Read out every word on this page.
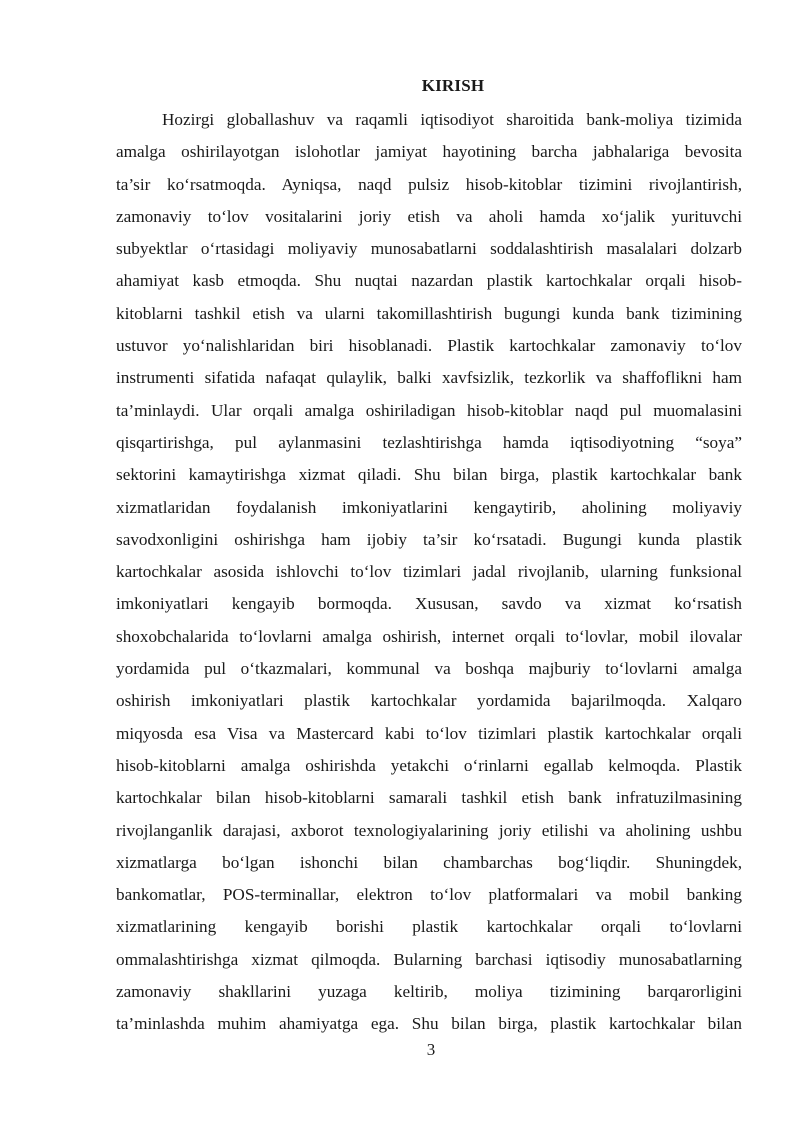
KIRISH
Hozirgi globallashuv va raqamli iqtisodiyot sharoitida bank-moliya tizimida
amalga oshirilayotgan islohotlar jamiyat hayotining barcha jabhalariga bevosita
ta’sir ko‘rsatmoqda. Ayniqsa, naqd pulsiz hisob-kitoblar tizimini rivojlantirish,
zamonaviy to‘lov vositalarini joriy etish va aholi hamda xo‘jalik yurituvchi
subyektlar o‘rtasidagi moliyaviy munosabatlarni soddalashtirish masalalari dolzarb
ahamiyat kasb etmoqda. Shu nuqtai nazardan plastik kartochkalar orqali hisob-
kitoblarni tashkil etish va ularni takomillashtirish bugungi kunda bank tizimining
ustuvor yo‘nalishlaridan biri hisoblanadi. Plastik kartochkalar zamonaviy to‘lov
instrumenti sifatida nafaqat qulaylik, balki xavfsizlik, tezkorlik va shaffoflikni ham
ta’minlaydi. Ular orqali amalga oshiriladigan hisob-kitoblar naqd pul muomalasini
qisqartirishga, pul aylanmasini tezlashtirishga hamda iqtisodiyotning “soya”
sektorini kamaytirishga xizmat qiladi. Shu bilan birga, plastik kartochkalar bank
xizmatlaridan foydalanish imkoniyatlarini kengaytirib, aholining moliyaviy
savodxonligini oshirishga ham ijobiy ta’sir ko‘rsatadi. Bugungi kunda plastik
kartochkalar asosida ishlovchi to‘lov tizimlari jadal rivojlanib, ularning funksional
imkoniyatlari kengayib bormoqda. Xususan, savdo va xizmat ko‘rsatish
shoxobchalarida to‘lovlarni amalga oshirish, internet orqali to‘lovlar, mobil ilovalar
yordamida pul o‘tkazmalari, kommunal va boshqa majburiy to‘lovlarni amalga
oshirish imkoniyatlari plastik kartochkalar yordamida bajarilmoqda. Xalqaro
miqyosda esa Visa va Mastercard kabi to‘lov tizimlari plastik kartochkalar orqali
hisob-kitoblarni amalga oshirishda yetakchi o‘rinlarni egallab kelmoqda. Plastik
kartochkalar bilan hisob-kitoblarni samarali tashkil etish bank infratuzilmasining
rivojlanganlik darajasi, axborot texnologiyalarining joriy etilishi va aholining ushbu
xizmatlarga bo‘lgan ishonchi bilan chambarchas bog‘liqdir. Shuningdek,
bankomatlar, POS-terminallar, elektron to‘lov platformalari va mobil banking
xizmatlarining kengayib borishi plastik kartochkalar orqali to‘lovlarni
ommalashtirishga xizmat qilmoqda. Bularning barchasi iqtisodiy munosabatlarning
zamonaviy shakllarini yuzaga keltirib, moliya tizimining barqarorligini
ta’minlashda muhim ahamiyatga ega. Shu bilan birga, plastik kartochkalar bilan
3
